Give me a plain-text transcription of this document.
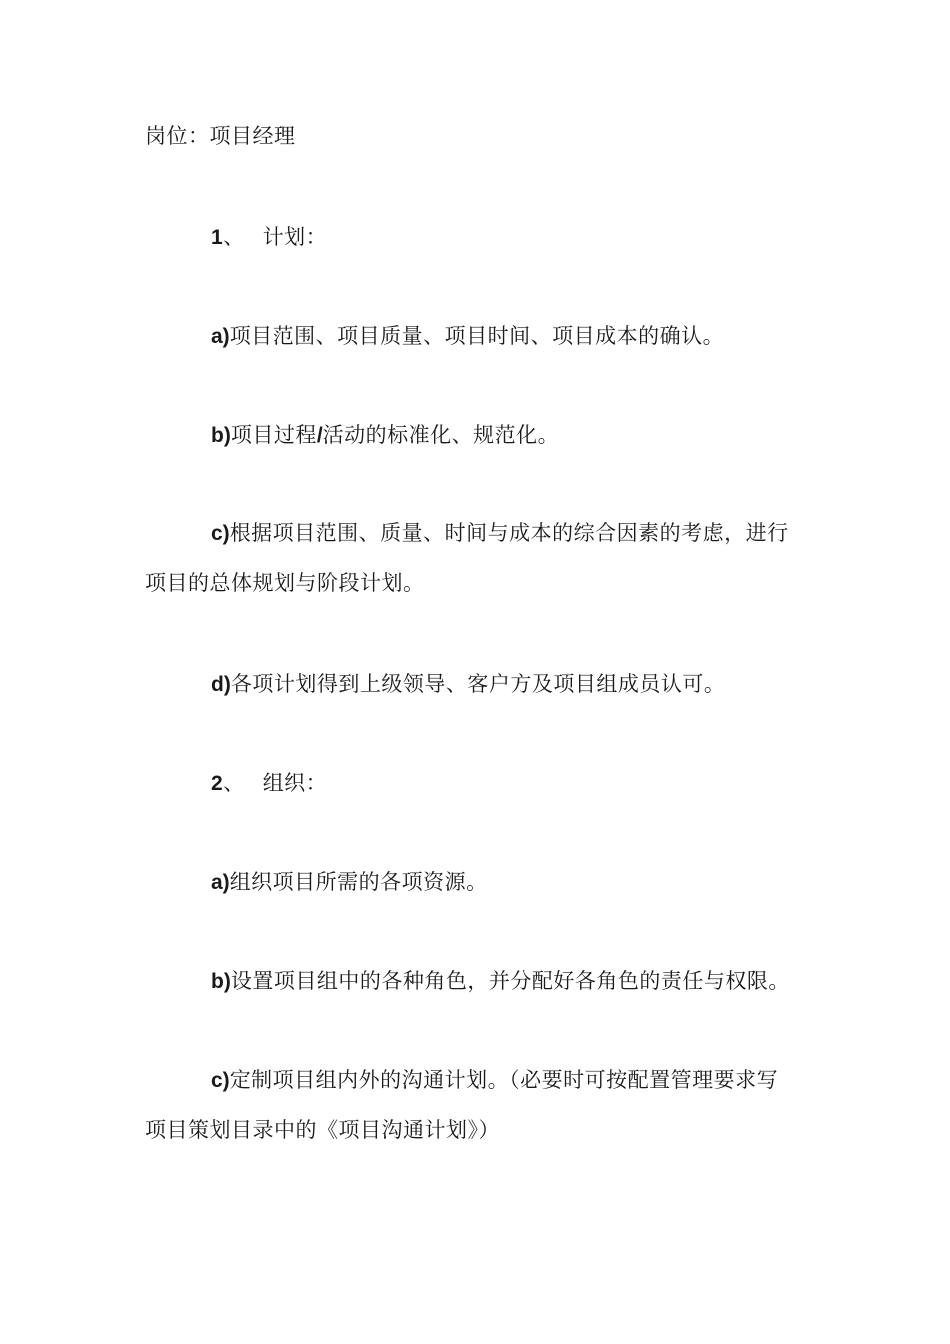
岗位：项目经理
1、 计划：
a)项目范围、项目质量、项目时间、项目成本的确认。
b)项目过程/活动的标准化、规范化。
c)根据项目范围、质量、时间与成本的综合因素的考虑，进行
项目的总体规划与阶段计划。
d)各项计划得到上级领导、客户方及项目组成员认可。
2、 组织：
a)组织项目所需的各项资源。
b)设置项目组中的各种角色，并分配好各角色的责任与权限。
c)定制项目组内外的沟通计划。（必要时可按配置管理要求写
项目策划目录中的《项目沟通计划》）
